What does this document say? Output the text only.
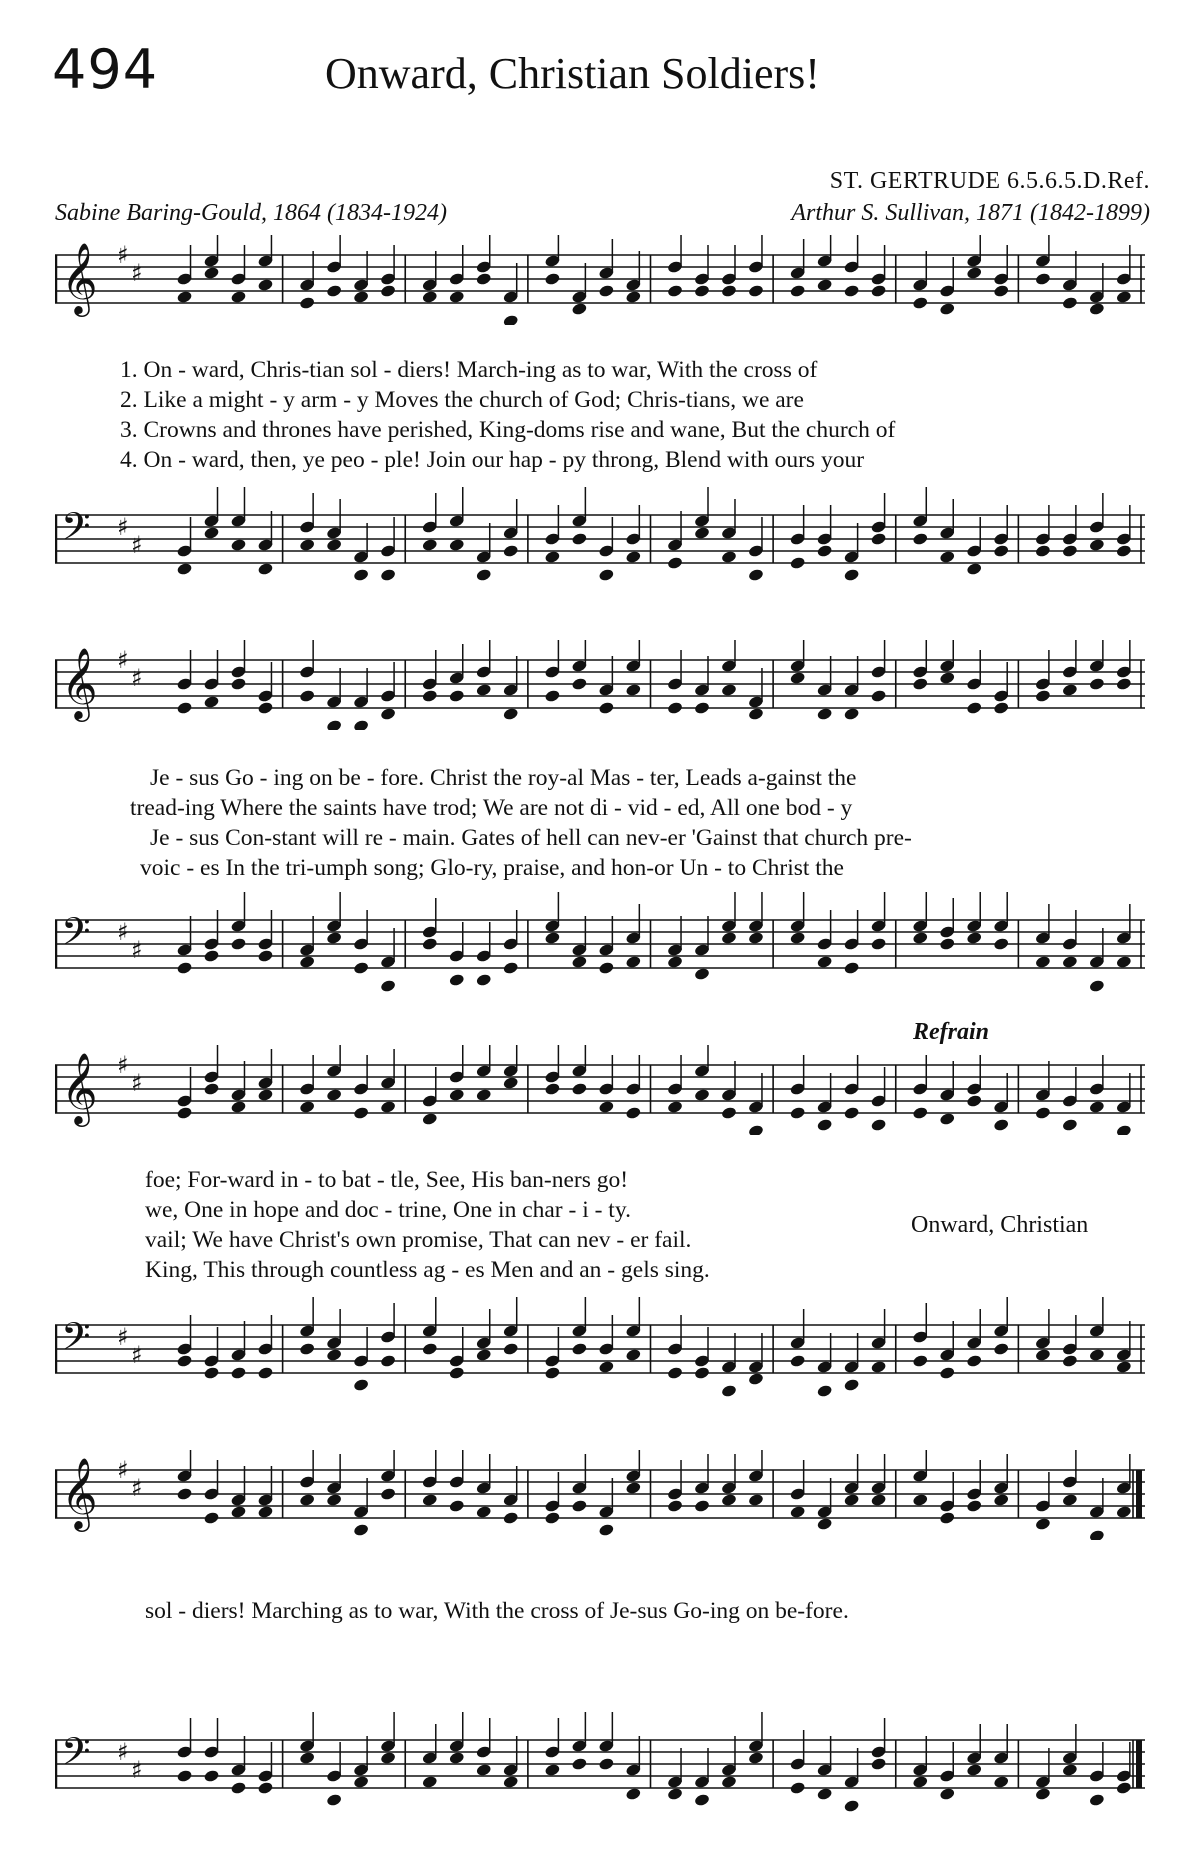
494	Onward, Christian Soldiers!
ST. GERTRUDE 6.5.6.5.D.Ref.
Sabine Baring-Gould, 1864 (1834-1924)	Arthur S. Sullivan, 1871 (1842-1899)
𝄞 ♯
♯
1. On - ward, Chris-tian sol - diers! March-ing as to war, With the cross of
2. Like a might - y arm - y Moves the church of God; Chris-tians, we are
3. Crowns and thrones have perished, King-doms rise and wane, But the church of
4. On - ward, then, ye peo - ple! Join our hap - py throng, Blend with ours your
𝄢 ♯
♯
𝄞 ♯
♯
Je - sus Go - ing on be - fore. Christ the roy-al Mas - ter, Leads a-gainst the
tread-ing Where the saints have trod; We are not di - vid - ed, All one bod - y
Je - sus Con-stant will re - main. Gates of hell can nev-er 'Gainst that church pre-
voic - es In the tri-umph song; Glo-ry, praise, and hon-or Un - to Christ the
𝄢 ♯
♯
Refrain
𝄞 ♯
♯
foe; For-ward in - to bat - tle, See, His ban-ners go!
we, One in hope and doc - trine, One in char - i - ty.
vail; We have Christ's own promise, That can nev - er fail.
King, This through countless ag - es Men and an - gels sing.
Onward, Christian
𝄢 ♯
♯
𝄞 ♯
♯
sol - diers! Marching as to war, With the cross of Je-sus Go-ing on be-fore.
𝄢 ♯
♯
